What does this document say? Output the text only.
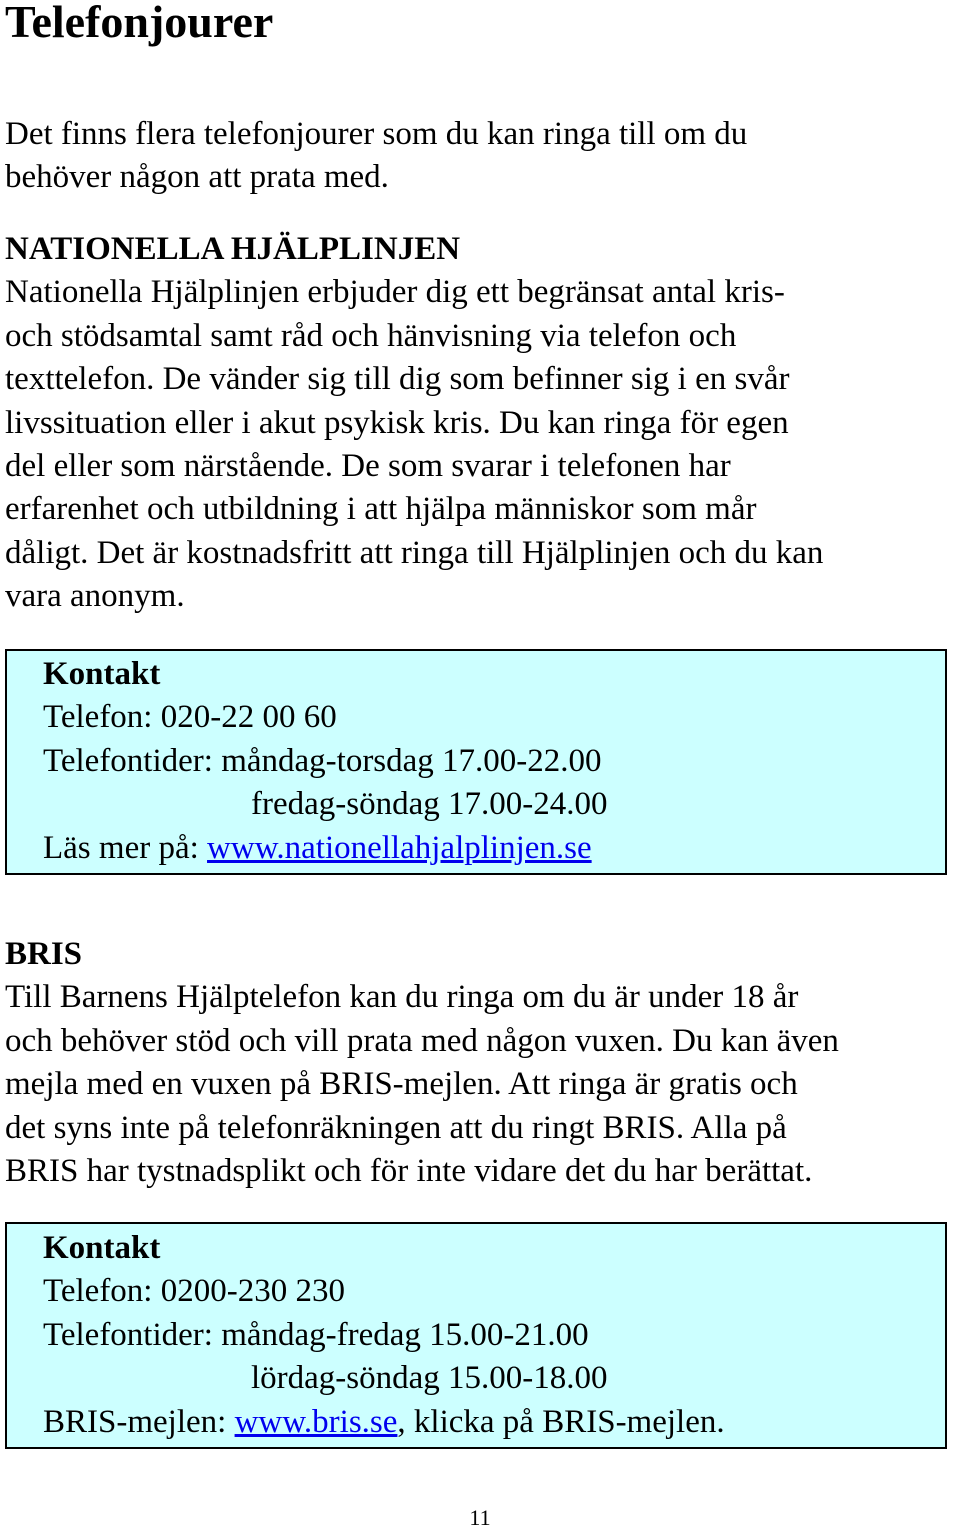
Telefonjourer

Det finns flera telefonjourer som du kan ringa till om du
behöver någon att prata med.

NATIONELLA HJÄLPLINJEN
Nationella Hjälplinjen erbjuder dig ett begränsat antal kris-
och stödsamtal samt råd och hänvisning via telefon och
texttelefon. De vänder sig till dig som befinner sig i en svår
livssituation eller i akut psykisk kris. Du kan ringa för egen
del eller som närstående. De som svarar i telefonen har
erfarenhet och utbildning i att hjälpa människor som mår
dåligt. Det är kostnadsfritt att ringa till Hjälplinjen och du kan
vara anonym.

Kontakt
Telefon: 020-22 00 60
Telefontider: måndag-torsdag 17.00-22.00
fredag-söndag 17.00-24.00
Läs mer på: www.nationellahjalplinjen.se

BRIS
Till Barnens Hjälptelefon kan du ringa om du är under 18 år
och behöver stöd och vill prata med någon vuxen. Du kan även
mejla med en vuxen på BRIS-mejlen. Att ringa är gratis och
det syns inte på telefonräkningen att du ringt BRIS. Alla på
BRIS har tystnadsplikt och för inte vidare det du har berättat.

Kontakt
Telefon: 0200-230 230
Telefontider: måndag-fredag 15.00-21.00
lördag-söndag 15.00-18.00
BRIS-mejlen: www.bris.se, klicka på BRIS-mejlen.
11
